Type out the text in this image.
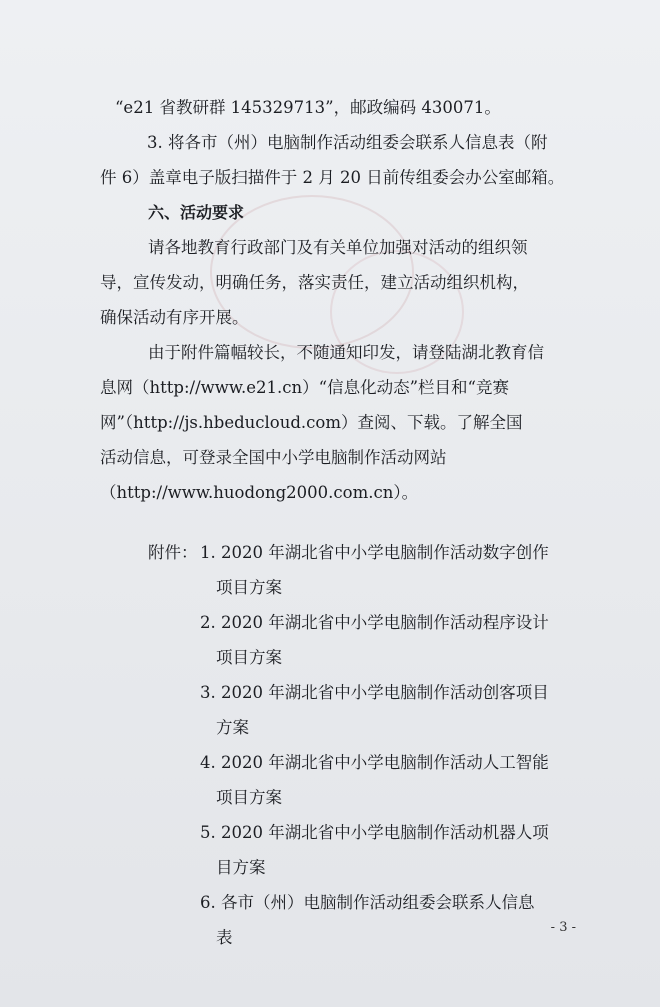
“e21 省教研群 145329713”，邮政编码 430071。
3. 将各市（州）电脑制作活动组委会联系人信息表（附
件 6）盖章电子版扫描件于 2 月 20 日前传组委会办公室邮箱。
六、活动要求
请各地教育行政部门及有关单位加强对活动的组织领
导，宣传发动，明确任务，落实责任，建立活动组织机构，
确保活动有序开展。
由于附件篇幅较长，不随通知印发，请登陆湖北教育信
息网（http://www.e21.cn）“信息化动态”栏目和“竞赛
网”（http://js.hbeducloud.com）查阅、下载。了解全国
活动信息，可登录全国中小学电脑制作活动网站
（http://www.huodong2000.com.cn）。
附件： 1. 2020 年湖北省中小学电脑制作活动数字创作
项目方案
2. 2020 年湖北省中小学电脑制作活动程序设计
项目方案
3. 2020 年湖北省中小学电脑制作活动创客项目
方案
4. 2020 年湖北省中小学电脑制作活动人工智能
项目方案
5. 2020 年湖北省中小学电脑制作活动机器人项
目方案
6. 各市（州）电脑制作活动组委会联系人信息
表
- 3 -
